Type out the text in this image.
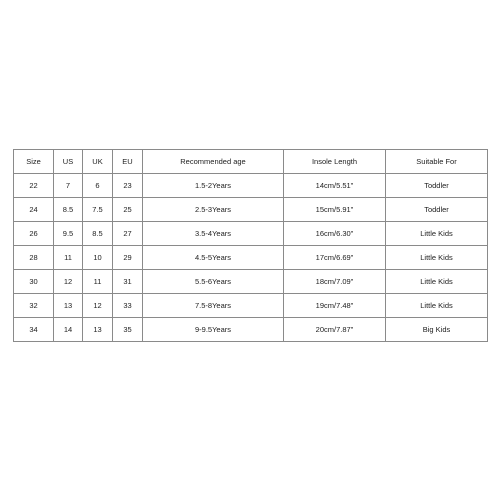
Size	US	UK	EU	Recommended age	Insole Length	Suitable For
22	7	6	23	1.5-2Years	14cm/5.51"	Toddler
24	8.5	7.5	25	2.5-3Years	15cm/5.91"	Toddler
26	9.5	8.5	27	3.5-4Years	16cm/6.30"	Little Kids
28	11	10	29	4.5-5Years	17cm/6.69"	Little Kids
30	12	11	31	5.5-6Years	18cm/7.09"	Little Kids
32	13	12	33	7.5-8Years	19cm/7.48"	Little Kids
34	14	13	35	9-9.5Years	20cm/7.87"	Big Kids
